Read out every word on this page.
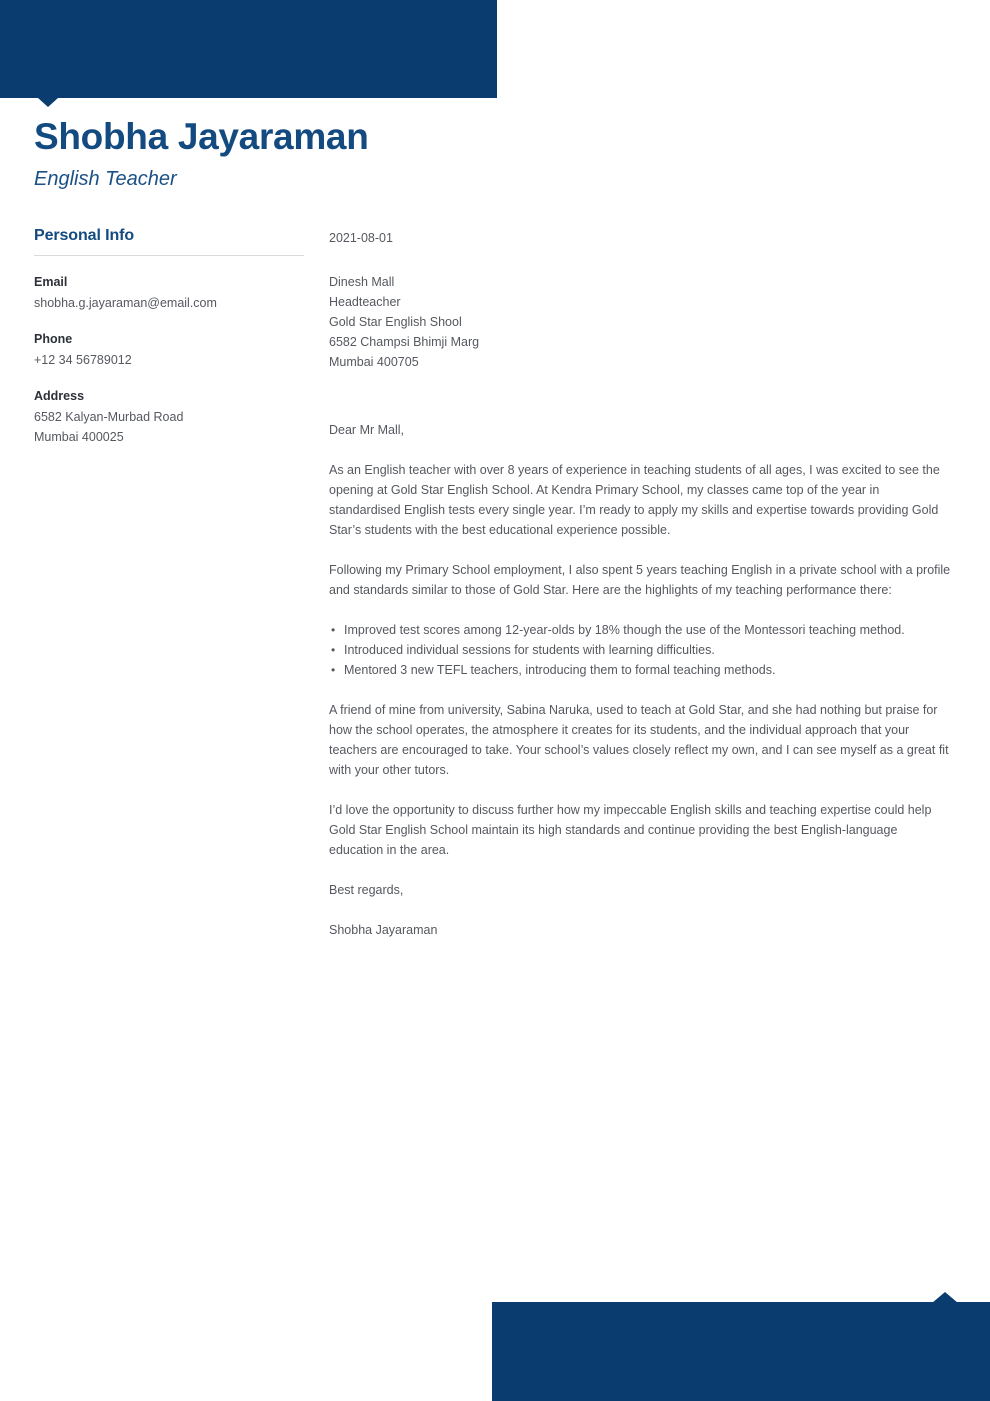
Shobha Jayaraman
English Teacher
Personal Info
Email
shobha.g.jayaraman@email.com
Phone
+12 34 56789012
Address
6582 Kalyan-Murbad Road
Mumbai 400025
2021-08-01
Dinesh Mall
Headteacher
Gold Star English Shool
6582 Champsi Bhimji Marg
Mumbai 400705
Dear Mr Mall,

As an English teacher with over 8 years of experience in teaching students of all ages, I was excited to see the opening at Gold Star English School. At Kendra Primary School, my classes came top of the year in standardised English tests every single year. I’m ready to apply my skills and expertise towards providing Gold Star’s students with the best educational experience possible.

Following my Primary School employment, I also spent 5 years teaching English in a private school with a profile and standards similar to those of Gold Star. Here are the highlights of my teaching performance there:

• Improved test scores among 12-year-olds by 18% though the use of the Montessori teaching method.
• Introduced individual sessions for students with learning difficulties.
• Mentored 3 new TEFL teachers, introducing them to formal teaching methods.

A friend of mine from university, Sabina Naruka, used to teach at Gold Star, and she had nothing but praise for how the school operates, the atmosphere it creates for its students, and the individual approach that your teachers are encouraged to take. Your school’s values closely reflect my own, and I can see myself as a great fit with your other tutors.

I’d love the opportunity to discuss further how my impeccable English skills and teaching expertise could help Gold Star English School maintain its high standards and continue providing the best English-language education in the area.

Best regards,
Shobha Jayaraman
